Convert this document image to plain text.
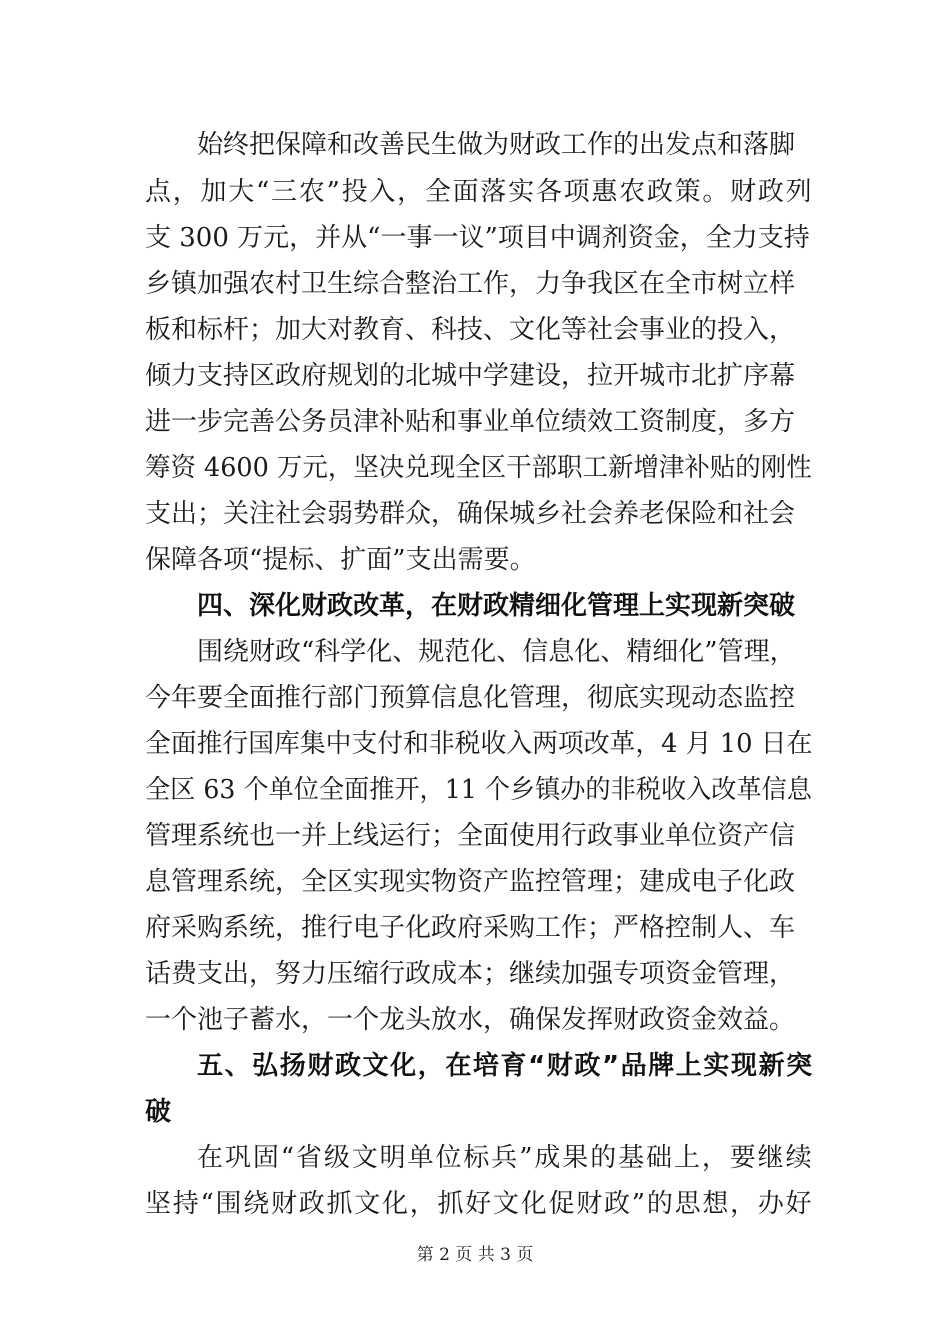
始终把保障和改善民生做为财政工作的出发点和落脚
点，加大“三农”投入，全面落实各项惠农政策。财政列
支 300 万元，并从“一事一议”项目中调剂资金，全力支持
乡镇加强农村卫生综合整治工作，力争我区在全市树立样
板和标杆；加大对教育、科技、文化等社会事业的投入，
倾力支持区政府规划的北城中学建设，拉开城市北扩序幕
进一步完善公务员津补贴和事业单位绩效工资制度，多方
筹资 4600 万元，坚决兑现全区干部职工新增津补贴的刚性
支出；关注社会弱势群众，确保城乡社会养老保险和社会
保障各项“提标、扩面”支出需要。
四、深化财政改革，在财政精细化管理上实现新突破
围绕财政“科学化、规范化、信息化、精细化”管理，
今年要全面推行部门预算信息化管理，彻底实现动态监控
全面推行国库集中支付和非税收入两项改革，4 月 10 日在
全区 63 个单位全面推开，11 个乡镇办的非税收入改革信息
管理系统也一并上线运行；全面使用行政事业单位资产信
息管理系统，全区实现实物资产监控管理；建成电子化政
府采购系统，推行电子化政府采购工作；严格控制人、车
话费支出，努力压缩行政成本；继续加强专项资金管理，
一个池子蓄水，一个龙头放水，确保发挥财政资金效益。
五、弘扬财政文化，在培育“财政”品牌上实现新突
破
在巩固“省级文明单位标兵”成果的基础上，要继续
坚持“围绕财政抓文化，抓好文化促财政”的思想，办好
第 2 页 共 3 页
